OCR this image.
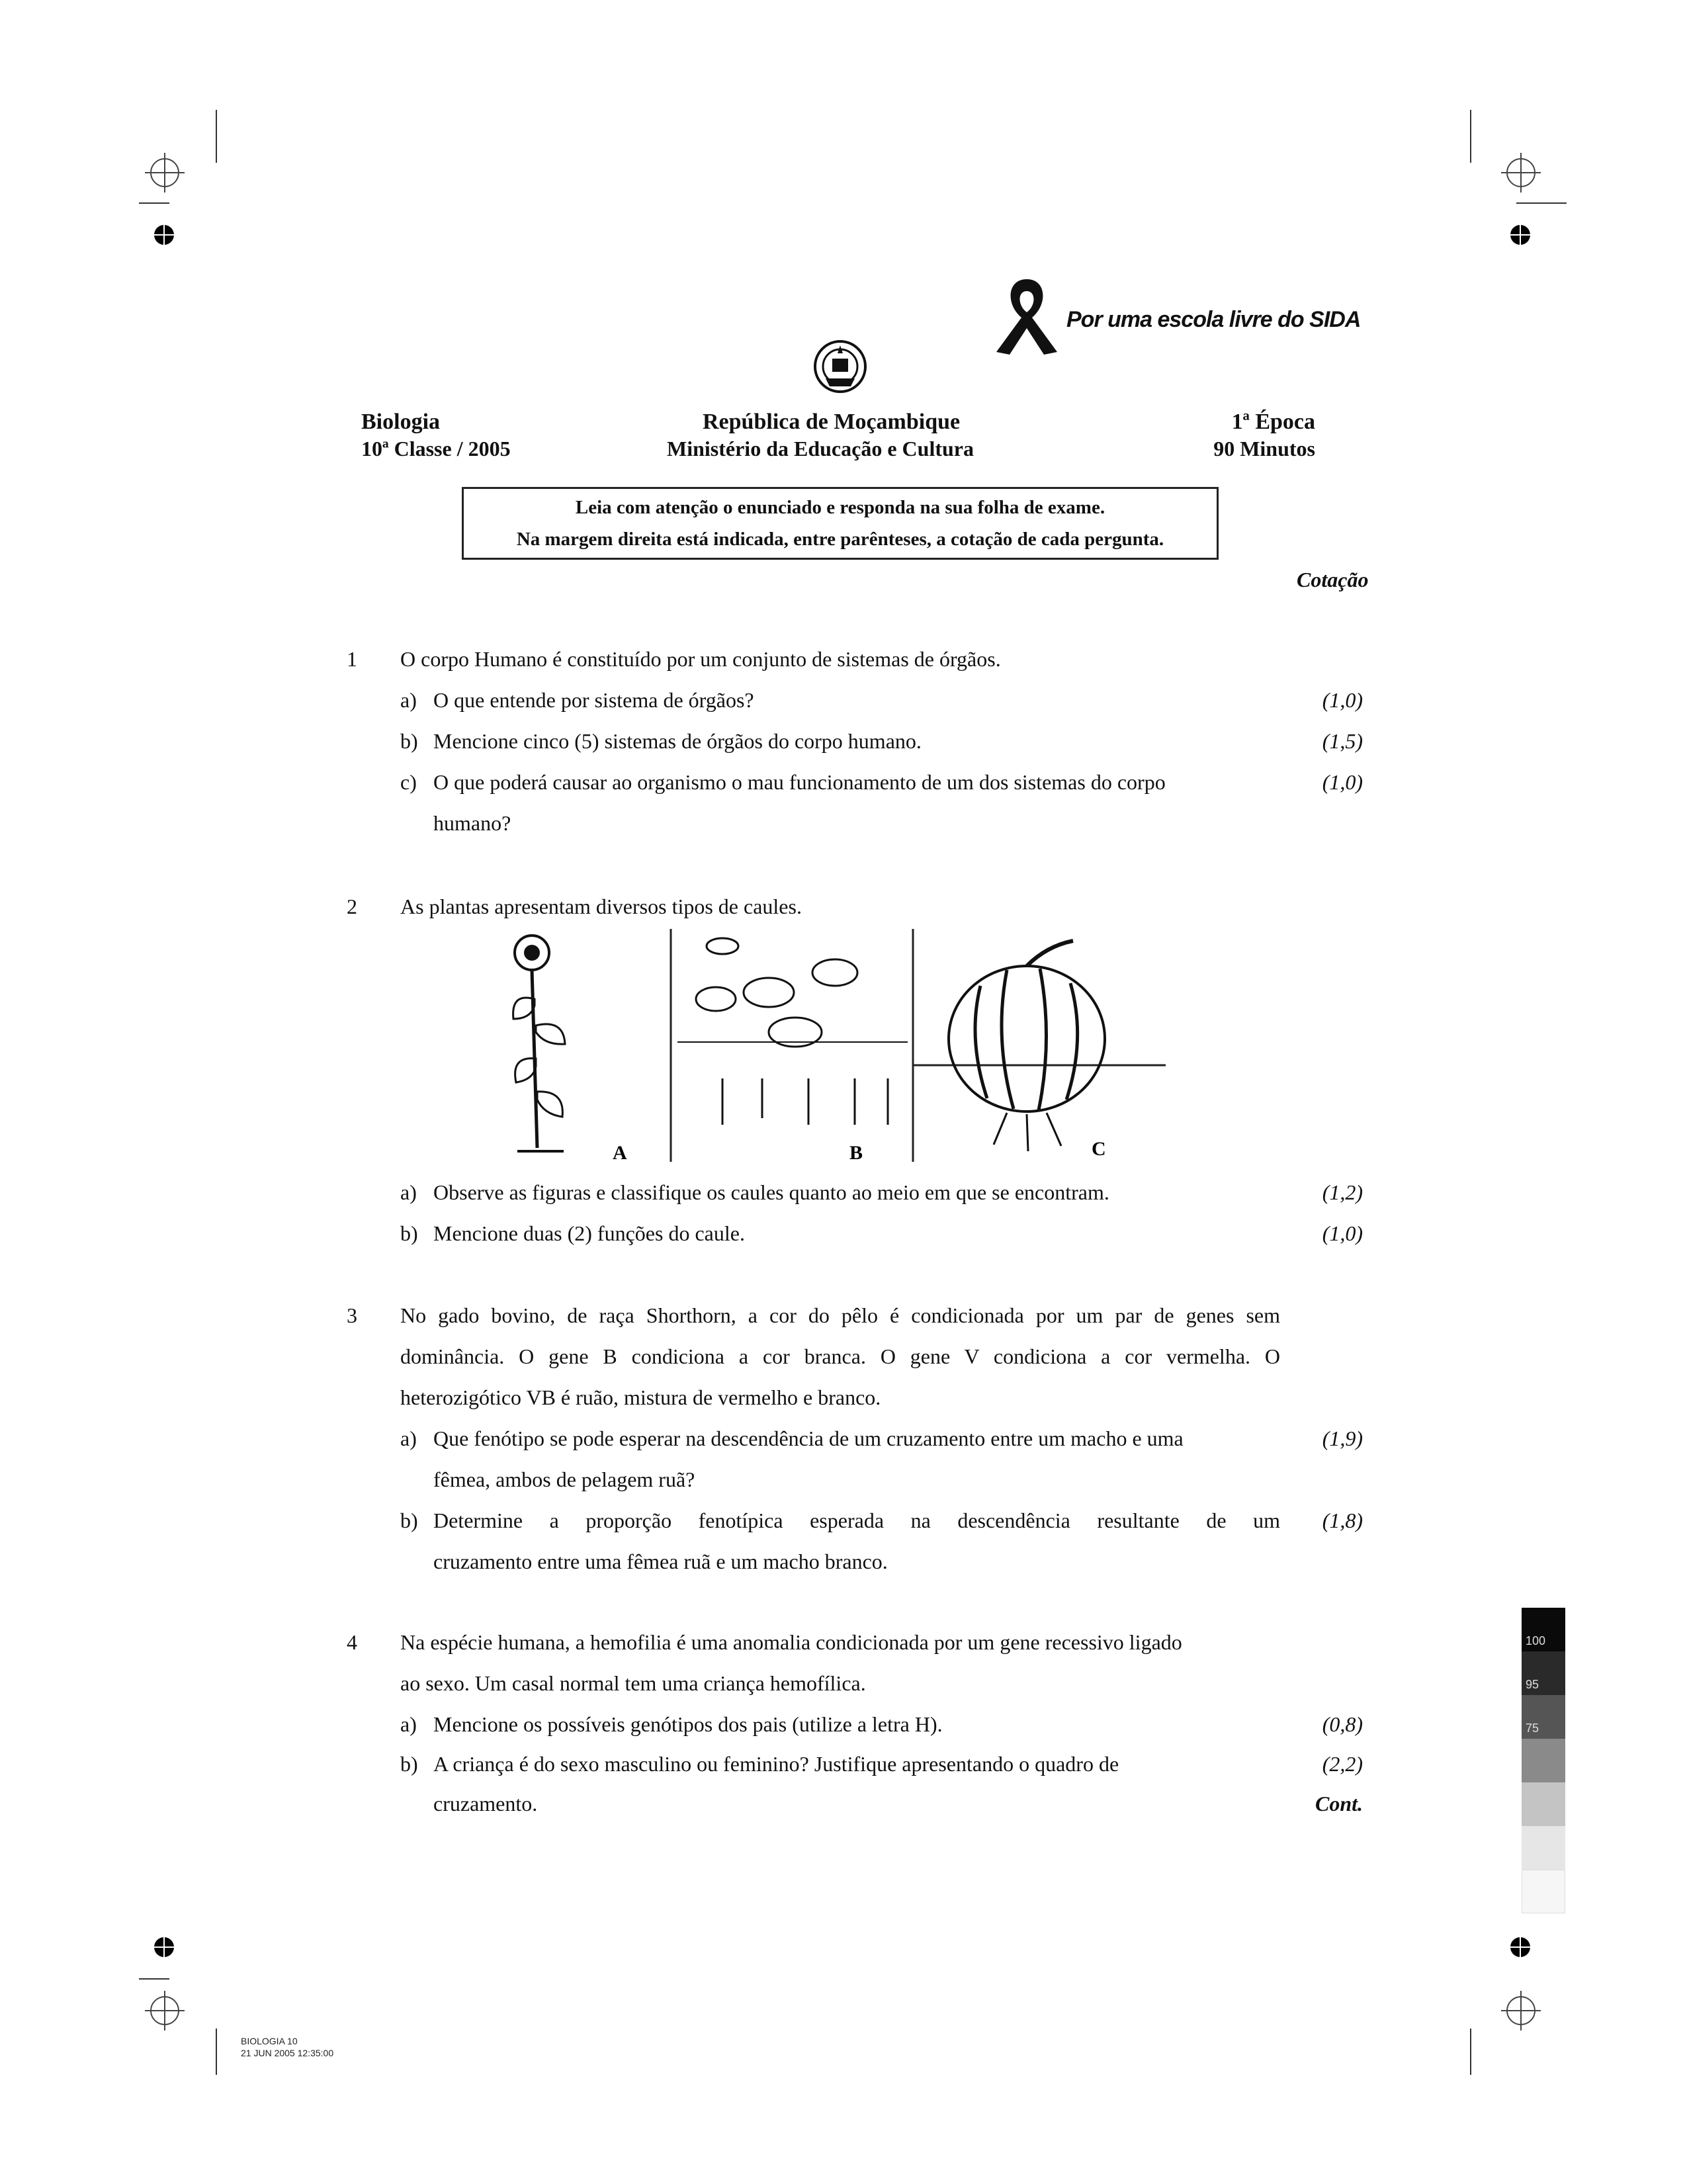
Por uma escola livre do SIDA
Biologia	República de Moçambique	1ª Época
10ª Classe / 2005	Ministério da Educação e Cultura	90 Minutos
Leia com atenção o enunciado e responda na sua folha de exame.
Na margem direita está indicada, entre parênteses, a cotação de cada pergunta.
Cotação
1 O corpo Humano é constituído por um conjunto de sistemas de órgãos.
a) O que entende por sistema de órgãos?	(1,0)
b) Mencione cinco (5) sistemas de órgãos do corpo humano.	(1,5)
c) O que poderá causar ao organismo o mau funcionamento de um dos sistemas do corpo	(1,0)
humano?
2 As plantas apresentam diversos tipos de caules.
A	B	C
a) Observe as figuras e classifique os caules quanto ao meio em que se encontram.	(1,2)
b) Mencione duas (2) funções do caule.	(1,0)
3 No gado bovino, de raça Shorthorn, a cor do pêlo é condicionada por um par de genes sem
dominância. O gene B condiciona a cor branca. O gene V condiciona a cor vermelha. O
heterozigótico VB é ruão, mistura de vermelho e branco.
a) Que fenótipo se pode esperar na descendência de um cruzamento entre um macho e uma	(1,9)
fêmea, ambos de pelagem ruã?
b) Determine a proporção fenotípica esperada na descendência resultante de um (1,8)
cruzamento entre uma fêmea ruã e um macho branco.
4 Na espécie humana, a hemofilia é uma anomalia condicionada por um gene recessivo ligado
ao sexo. Um casal normal tem uma criança hemofílica.
a) Mencione os possíveis genótipos dos pais (utilize a letra H).	(0,8)
b) A criança é do sexo masculino ou feminino? Justifique apresentando o quadro de	(2,2)
cruzamento.	Cont.
100
95
75
BIOLOGIA 10
21 JUN 2005 12:35:00
